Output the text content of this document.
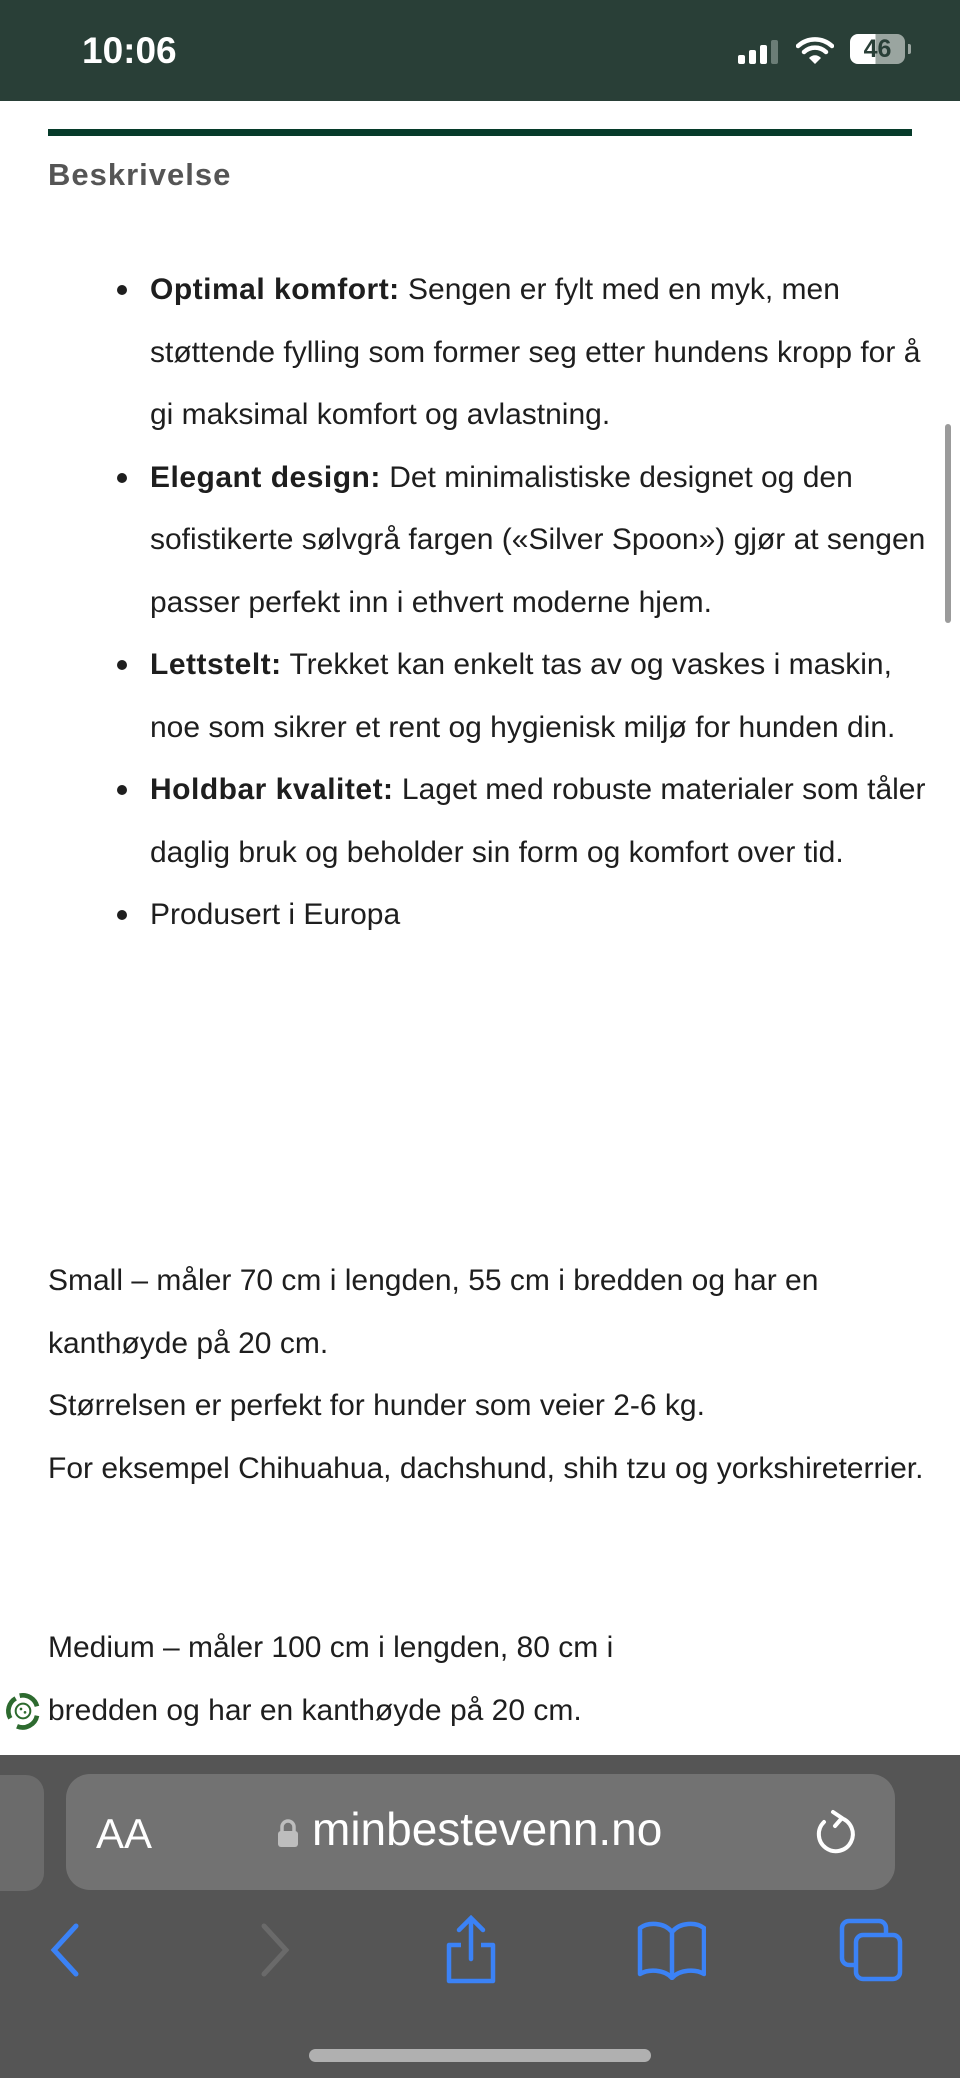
10:06	46
Beskrivelse
Optimal komfort: Sengen er fylt med en myk, men støttende fylling som former seg etter hundens kropp for å gi maksimal komfort og avlastning.
Elegant design: Det minimalistiske designet og den sofistikerte sølvgrå fargen («Silver Spoon») gjør at sengen passer perfekt inn i ethvert moderne hjem.
Lettstelt: Trekket kan enkelt tas av og vaskes i maskin, noe som sikrer et rent og hygienisk miljø for hunden din.
Holdbar kvalitet: Laget med robuste materialer som tåler daglig bruk og beholder sin form og komfort over tid.
Produsert i Europa
Small – måler 70 cm i lengden, 55 cm i bredden og har en kanthøyde på 20 cm.
Størrelsen er perfekt for hunder som veier 2-6 kg.
For eksempel Chihuahua, dachshund, shih tzu og yorkshireterrier.
Medium – måler 100 cm i lengden, 80 cm i
bredden og har en kanthøyde på 20 cm.
AA	minbestevenn.no
